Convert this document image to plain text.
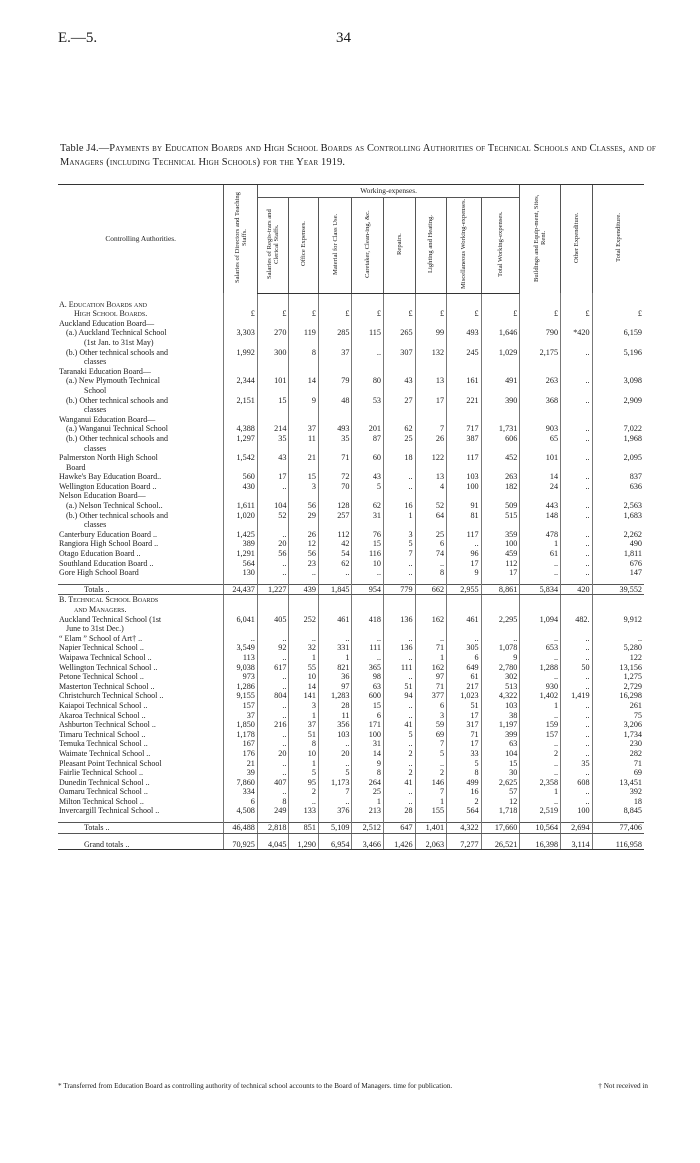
E.—5.	34
Table J4.—Payments by Education Boards and High School Boards as Controlling Authorities of Technical Schools and Classes, and of Managers (including Technical High Schools) for the Year 1919.
Controlling Authorities.	Salaries of Directors and Teaching Staffs.	Working-expenses.								Buildings and Equip-ment, Sites, Rent.	Other Expenditure.	Total Expenditure.
		Salaries of Regis-trars and Clerical Staffs.	Office Expenses.	Material for Class Use.	Caretaker, Clean-ing, &c.	Repairs.	Lighting and Heating.	Miscellaneous Working-expenses.	Total Working-expenses.			

A. Education Boards and												
High School Boards.	£	£	£	£	£	£	£	£	£	£	£	£
Auckland Education Board—												
(a.) Auckland Technical School	3,303	270	119	285	115	265	99	493	1,646	790	*420	6,159
(1st Jan. to 31st May)												
(b.) Other technical schools and	1,992	300	8	37	..	307	132	245	1,029	2,175	..	5,196
classes												
Taranaki Education Board—												
(a.) New Plymouth Technical	2,344	101	14	79	80	43	13	161	491	263	..	3,098
School												
(b.) Other technical schools and	2,151	15	9	48	53	27	17	221	390	368	..	2,909
classes												
Wanganui Education Board—												
(a.) Wanganui Technical School	4,388	214	37	493	201	62	7	717	1,731	903	..	7,022
(b.) Other technical schools and	1,297	35	11	35	87	25	26	387	606	65	..	1,968
classes												
Palmerston North High School	1,542	43	21	71	60	18	122	117	452	101	..	2,095
Board												
Hawke's Bay Education Board..	560	17	15	72	43	..	13	103	263	14	..	837
Wellington Education Board ..	430	..	3	70	5	..	4	100	182	24	..	636
Nelson Education Board—												
(a.) Nelson Technical School..	1,611	104	56	128	62	16	52	91	509	443	..	2,563
(b.) Other technical schools and	1,020	52	29	257	31	1	64	81	515	148	..	1,683
classes												
Canterbury Education Board ..	1,425	..	26	112	76	3	25	117	359	478	..	2,262
Rangiora High School Board ..	389	20	12	42	15	5	6	..	100	1	..	490
Otago Education Board ..	1,291	56	56	54	116	7	74	96	459	61	..	1,811
Southland Education Board ..	564	..	23	62	10	..	..	17	112	..	..	676
Gore High School Board	130	..	..	..	..	..	8	9	17	..	..	147

Totals ..	24,437	1,227	439	1,845	954	779	662	2,955	8,861	5,834	420	39,552
B. Technical School Boards												
and Managers.												
Auckland Technical School (1st	6,041	405	252	461	418	136	162	461	2,295	1,094	482.	9,912
June to 31st Dec.)												
“ Elam ” School of Art† ..	..	..	..	..	..	..	..	..	..	..	..	..
Napier Technical School ..	3,549	92	32	331	111	136	71	305	1,078	653	..	5,280
Waipawa Technical School ..	113	..	1	1	..	..	1	6	9	..	..	122
Wellington Technical School ..	9,038	617	55	821	365	111	162	649	2,780	1,288	50	13,156
Petone Technical School ..	973	..	10	36	98	..	97	61	302	..	..	1,275
Masterton Technical School ..	1,286	..	14	97	63	51	71	217	513	930	..	2,729
Christchurch Technical School ..	9,155	804	141	1,283	600	94	377	1,023	4,322	1,402	1,419	16,298
Kaiapoi Technical School ..	157	..	3	28	15	..	6	51	103	1	..	261
Akaroa Technical School ..	37	..	1	11	6	..	3	17	38	..	..	75
Ashburton Technical School ..	1,850	216	37	356	171	41	59	317	1,197	159	..	3,206
Timaru Technical School ..	1,178	..	51	103	100	5	69	71	399	157	..	1,734
Temuka Technical School ..	167	..	8	..	31	..	7	17	63	..	..	230
Waimate Technical School ..	176	20	10	20	14	2	5	33	104	2	..	282
Pleasant Point Technical School	21	..	1	..	9	..	..	5	15	..	35	71
Fairlie Technical School ..	39	..	5	5	8	2	2	8	30	..	..	69
Dunedin Technical School ..	7,860	407	95	1,173	264	41	146	499	2,625	2,358	608	13,451
Oamaru Technical School ..	334	..	2	7	25	..	7	16	57	1	..	392
Milton Technical School ..	6	8	..	..	1	..	1	2	12	..	..	18
Invercargill Technical School ..	4,508	249	133	376	213	28	155	564	1,718	2,519	100	8,845

Totals ..	46,488	2,818	851	5,109	2,512	647	1,401	4,322	17,660	10,564	2,694	77,406

Grand totals ..	70,925	4,045	1,290	6,954	3,466	1,426	2,063	7,277	26,521	16,398	3,114	116,958
† Not received in
* Transferred from Education Board as controlling authority of technical school accounts to the Board of Managers. time for publication.
